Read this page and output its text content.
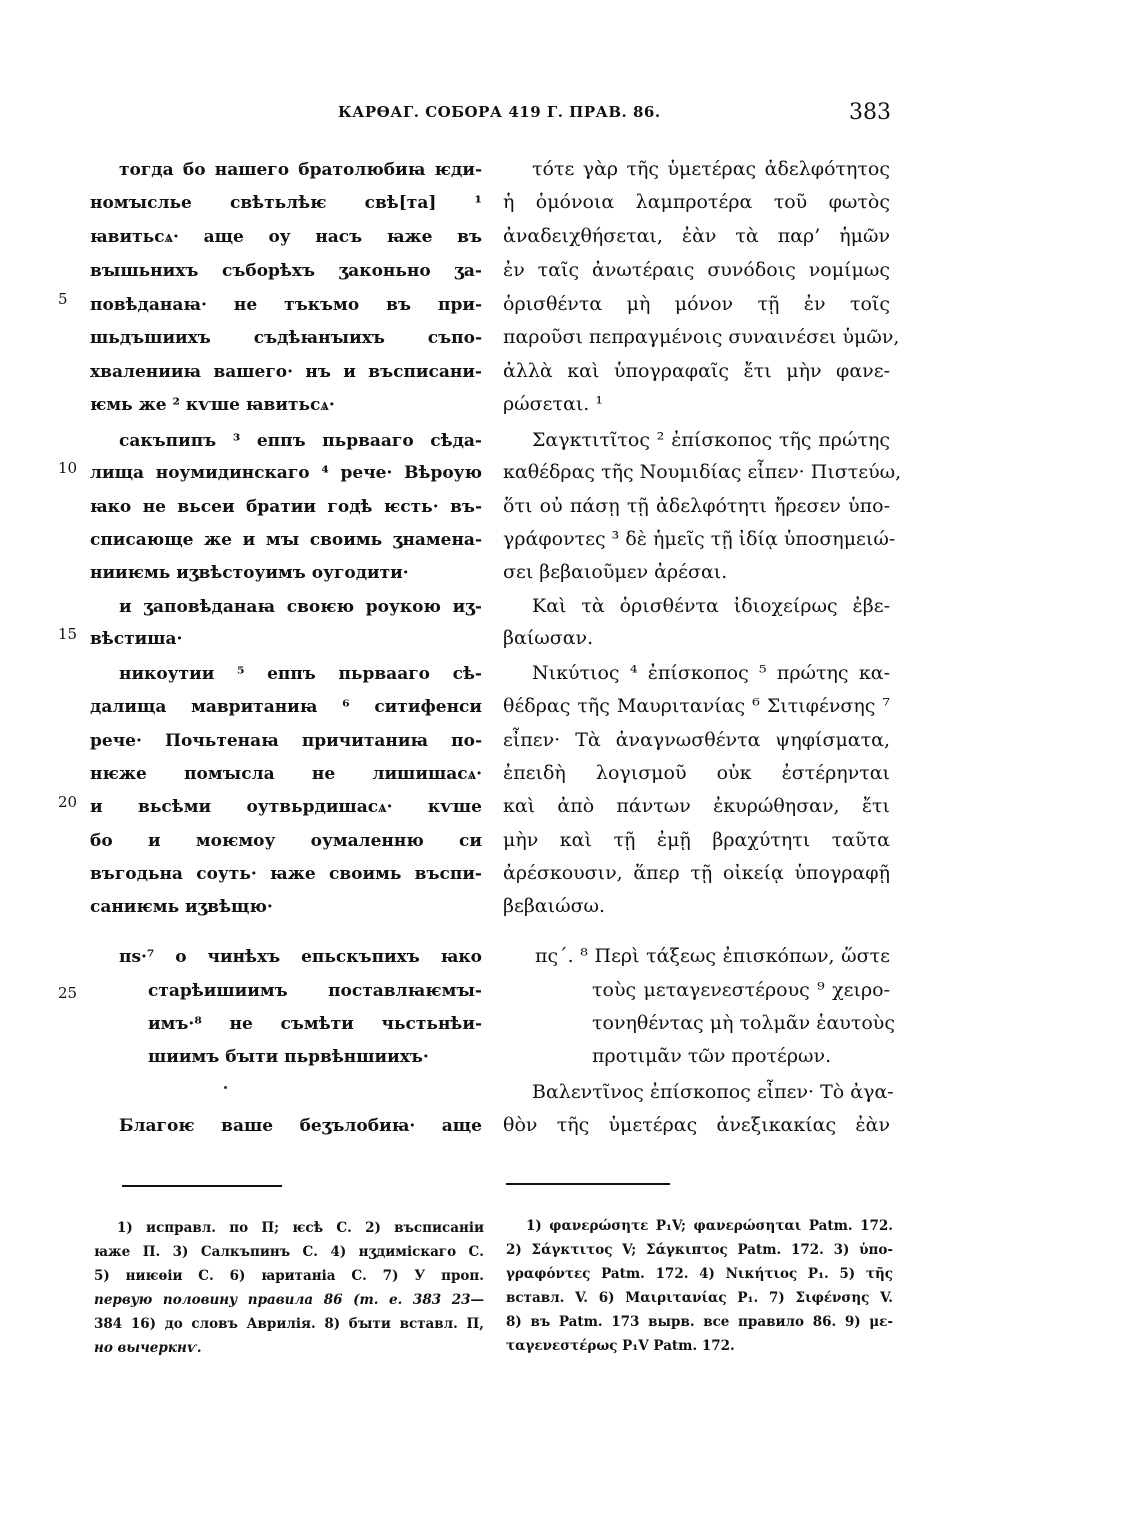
КАРѲАГ. СОБОРА 419 Г. ПРАВ. 86.	383
5
10
15
20
25
тогда бо нашего братолюбиꙗ ѥди-
номꙑслье свѣтьлѣѥ свѣ[та] ¹
ꙗвитьсѧ· аще оу насъ ꙗже въ
вꙑшьнихъ съборѣхъ ӡаконьно ӡа-
повѣданаꙗ· не тъкъмо въ при-
шьдъшиихъ съдѣꙗнꙑихъ съпо-
хваленииꙗ вашего· нъ и въсписани-
ѥмь же ² кѵше ꙗвитьсѧ·
сакъпипъ ³ еппъ пьрвааго сѣда-
лища ноумидинскаго ⁴ рече· Вѣроую
ꙗко не вьсеи братии годѣ ѥсть· въ-
списающе же и мꙑ своимь ӡнамена-
нииѥмь иӡвѣстоуимъ оугодити·
и ӡаповѣданаꙗ своѥю роукою иӡ-
вѣстиша·
никоутии ⁵ еппъ пьрвааго сѣ-
далища мавританиꙗ ⁶ ситифенси
рече· Почьтенаꙗ причитаниꙗ по-
нѥже помꙑсла не лишишасѧ·
и вьсѣми оутвьрдишасѧ· кѵше
бо и моѥмоу оумаленню си
въгодьна соуть· ꙗже своимь въспи-
саниѥмь иӡвѣщю·
пѕ·⁷ о чинѣхъ епьскъпихъ ꙗко
старѣишиимъ поставлꙗѥмꙑ-
имъ·⁸ не съмѣти чьстьнѣи-
шиимъ бꙑти пьрвѣншиихъ·
Благоѥ ваше беӡълобиꙗ· аще
τότε γὰρ τῆς ὑμετέρας ἀδελφότητος
ἡ ὁμόνοια λαμπροτέρα τοῦ φωτὸς
ἀναδειχθήσεται, ἐὰν τὰ παρ’ ἡμῶν
ἐν ταῖς ἀνωτέραις συνόδοις νομίμως
ὁρισθέντα μὴ μόνον τῇ ἐν τοῖς
παροῦσι πεπραγμένοις συναινέσει ὑμῶν,
ἀλλὰ καὶ ὑπογραφαῖς ἔτι μὴν φανε-
ρώσεται. ¹
Σαγκτιτῖτος ² ἐπίσκοπος τῆς πρώτης
καθέδρας τῆς Νουμιδίας εἶπεν· Πιστεύω,
ὅτι οὐ πάσῃ τῇ ἀδελφότητι ἤρεσεν ὑπο-
γράφοντες ³ δὲ ἡμεῖς τῇ ἰδίᾳ ὑποσημειώ-
σει βεβαιοῦμεν ἀρέσαι.
Καὶ τὰ ὁρισθέντα ἰδιοχείρως ἐβε-
βαίωσαν.
Νικύτιος ⁴ ἐπίσκοπος ⁵ πρώτης κα-
θέδρας τῆς Μαυριτανίας ⁶ Σιτιφένσης ⁷
εἶπεν· Τὰ ἀναγνωσθέντα ψηφίσματα,
ἐπειδὴ λογισμοῦ οὐκ ἐστέρηνται
καὶ ἀπὸ πάντων ἐκυρώθησαν, ἔτι
μὴν καὶ τῇ ἐμῇ βραχύτητι ταῦτα
ἀρέσκουσιν, ἅπερ τῇ οἰκείᾳ ὑπογραφῇ
βεβαιώσω.
πς΄. ⁸ Περὶ τάξεως ἐπισκόπων, ὥστε
τοὺς μεταγενεστέρους ⁹ χειρο-
τονηθέντας μὴ τολμᾶν ἑαυτοὺς
προτιμᾶν τῶν προτέρων.
Βαλεντῖνος ἐπίσκοπος εἶπεν· Τὸ ἀγα-
θὸν τῆς ὑμετέρας ἀνεξικακίας ἐὰν
1) исправл. по П; ѥсѣ С. 2) въсписаніи
ꙗже П. 3) Салкъпинъ С. 4) нӡдиміскаго С.
5) ниѥѳіи С. 6) ꙗританіа С. 7) У проп.
первую половину правила 86 (т. е. 383 23—
384 16) до словъ Аврилія. 8) бꙑти вставл. П,
но вычеркнѵ.
1) φανερώσητε P₁V; φανερώσηται Patm. 172.
2) Σάγκτιτος V; Σάγκιπτος Patm. 172. 3) ὑπο-
γραφόντες Patm. 172. 4) Νικήτιος P₁. 5) τῆς
вставл. V. 6) Μαιριτανίας P₁. 7) Σιφένσης V.
8) въ Patm. 173 вырв. все правило 86. 9) με-
ταγενεστέρως P₁V Patm. 172.
